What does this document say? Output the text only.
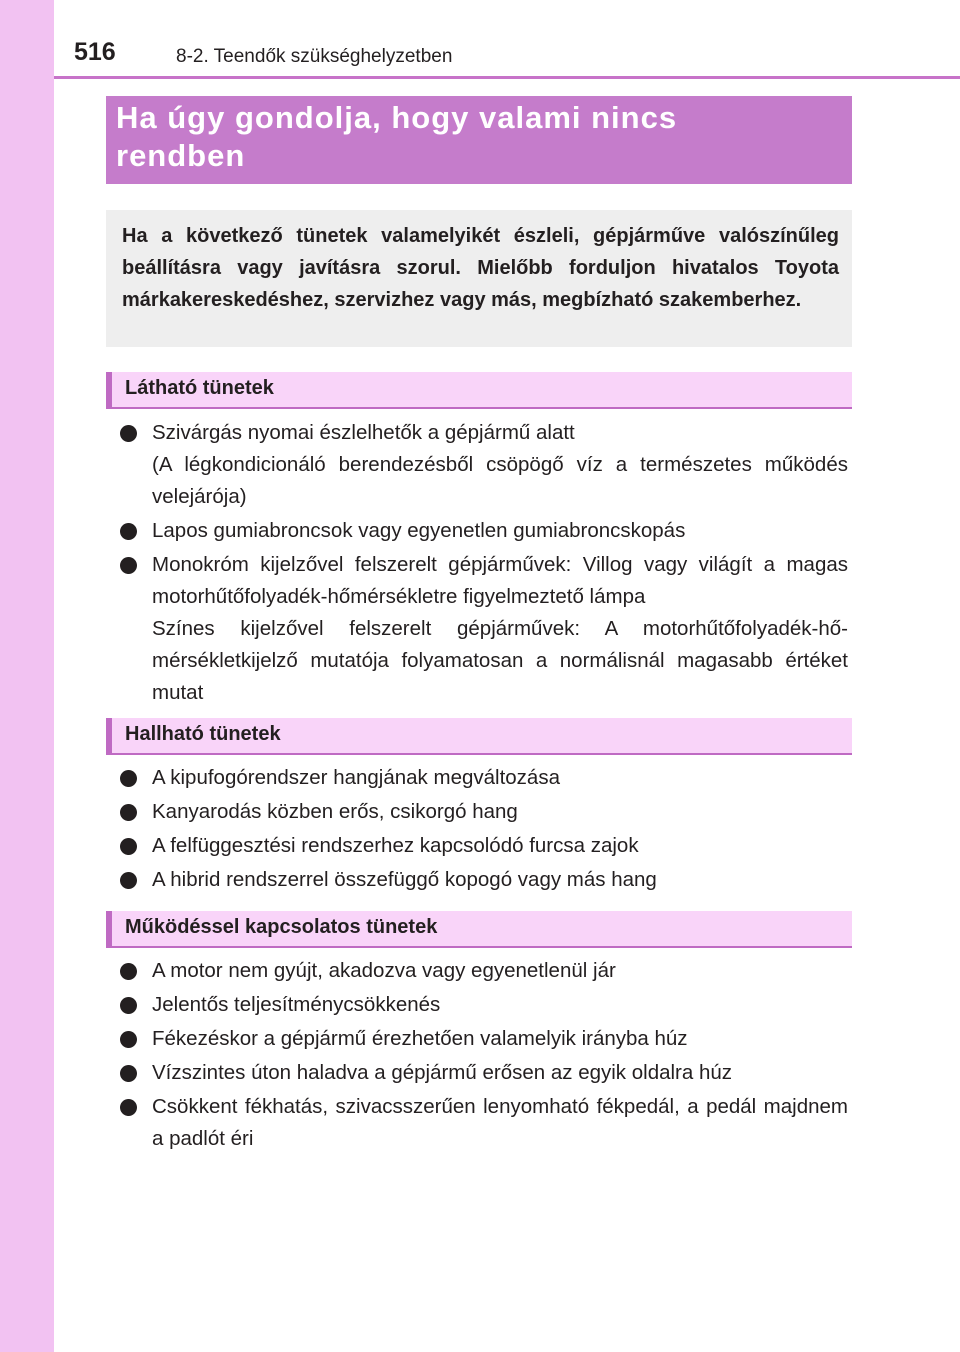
516	8-2. Teendők szükséghelyzetben
Ha úgy gondolja, hogy valami nincs
rendben
Ha a következő tünetek valamelyikét észleli, gépjárműve valószínűleg beállításra vagy javításra szorul. Mielőbb forduljon hivatalos Toyota márkakereskedéshez, szervizhez vagy más, megbízható szakemberhez.
Látható tünetek
Szivárgás nyomai észlelhetők a gépjármű alatt
(A légkondicionáló berendezésből csöpögő víz a természetes működés velejárója)
Lapos gumiabroncsok vagy egyenetlen gumiabroncskopás
Monokróm kijelzővel felszerelt gépjárművek: Villog vagy világít a magas motorhűtőfolyadék-hőmérsékletre figyelmeztető lámpa
Színes kijelzővel felszerelt gépjárművek: A motorhűtőfolyadék-hőmérsékletkijelző mutatója folyamatosan a normálisnál magasabb értéket mutat
Hallható tünetek
A kipufogórendszer hangjának megváltozása
Kanyarodás közben erős, csikorgó hang
A felfüggesztési rendszerhez kapcsolódó furcsa zajok
A hibrid rendszerrel összefüggő kopogó vagy más hang
Működéssel kapcsolatos tünetek
A motor nem gyújt, akadozva vagy egyenetlenül jár
Jelentős teljesítménycsökkenés
Fékezéskor a gépjármű érezhetően valamelyik irányba húz
Vízszintes úton haladva a gépjármű erősen az egyik oldalra húz
Csökkent fékhatás, szivacsszerűen lenyomható fékpedál, a pedál majdnem a padlót éri
